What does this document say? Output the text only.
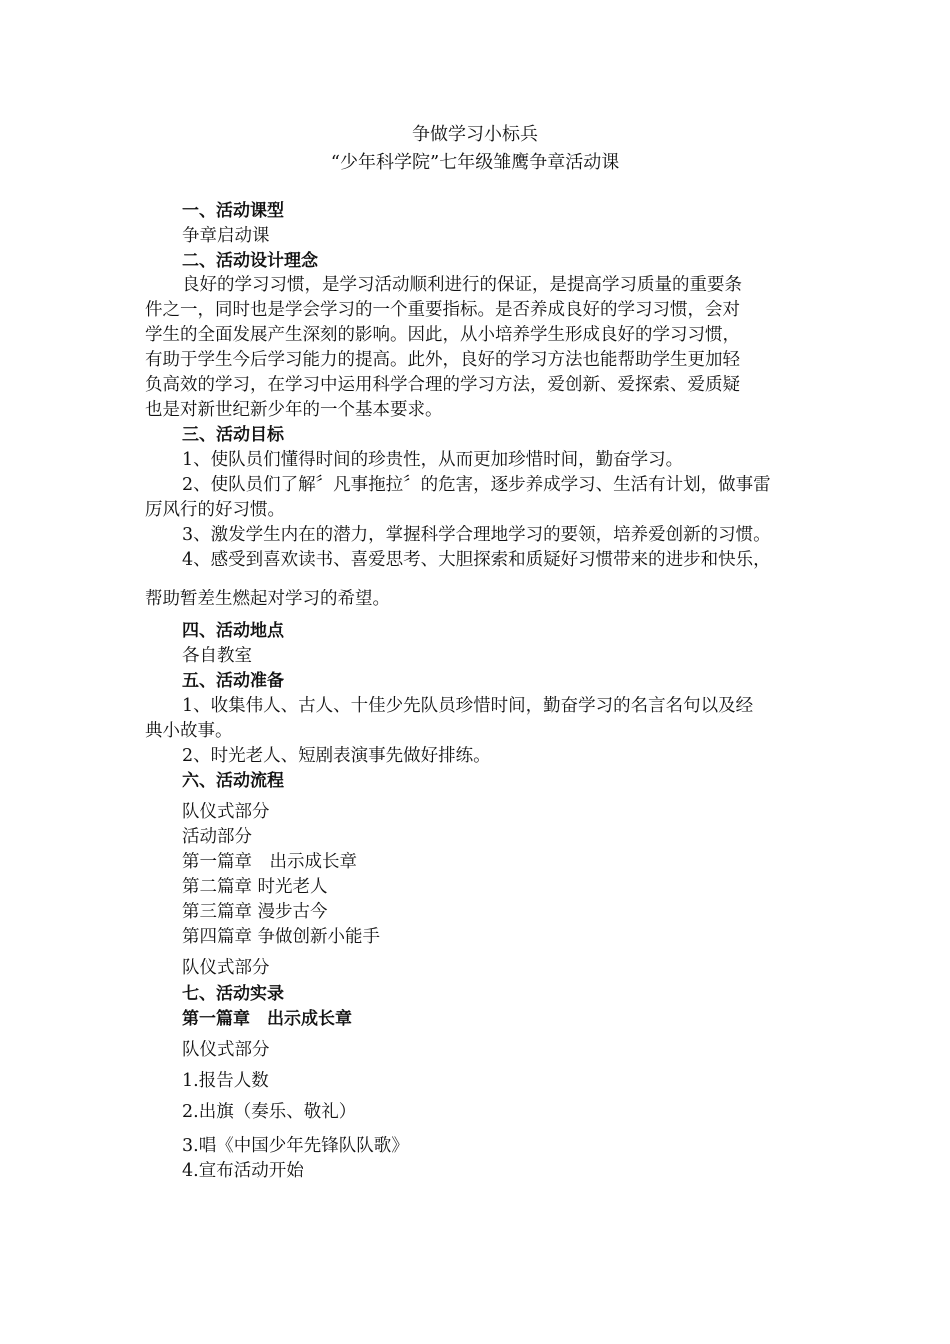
争做学习小标兵
“少年科学院”七年级雏鹰争章活动课
一、活动课型
争章启动课
二、活动设计理念
良好的学习习惯，是学习活动顺利进行的保证，是提高学习质量的重要条
件之一，同时也是学会学习的一个重要指标。是否养成良好的学习习惯，会对
学生的全面发展产生深刻的影响。因此，从小培养学生形成良好的学习习惯，
有助于学生今后学习能力的提高。此外，良好的学习方法也能帮助学生更加轻
负高效的学习，在学习中运用科学合理的学习方法，爱创新、爱探索、爱质疑
也是对新世纪新少年的一个基本要求。
三、活动目标
1、使队员们懂得时间的珍贵性，从而更加珍惜时间，勤奋学习。
2、使队员们了解〞凡事拖拉〞的危害，逐步养成学习、生活有计划，做事雷
厉风行的好习惯。
3、激发学生内在的潜力，掌握科学合理地学习的要领，培养爱创新的习惯。
4、感受到喜欢读书、喜爱思考、大胆探索和质疑好习惯带来的进步和快乐，
帮助暂差生燃起对学习的希望。
四、活动地点
各自教室
五、活动准备
1、收集伟人、古人、十佳少先队员珍惜时间，勤奋学习的名言名句以及经
典小故事。
2、时光老人、短剧表演事先做好排练。
六、活动流程
队仪式部分
活动部分
第一篇章　出示成长章
第二篇章 时光老人
第三篇章 漫步古今
第四篇章 争做创新小能手
队仪式部分
七、活动实录
第一篇章　出示成长章
队仪式部分
1.报告人数
2.出旗（奏乐、敬礼）
3.唱《中国少年先锋队队歌》
4.宣布活动开始
